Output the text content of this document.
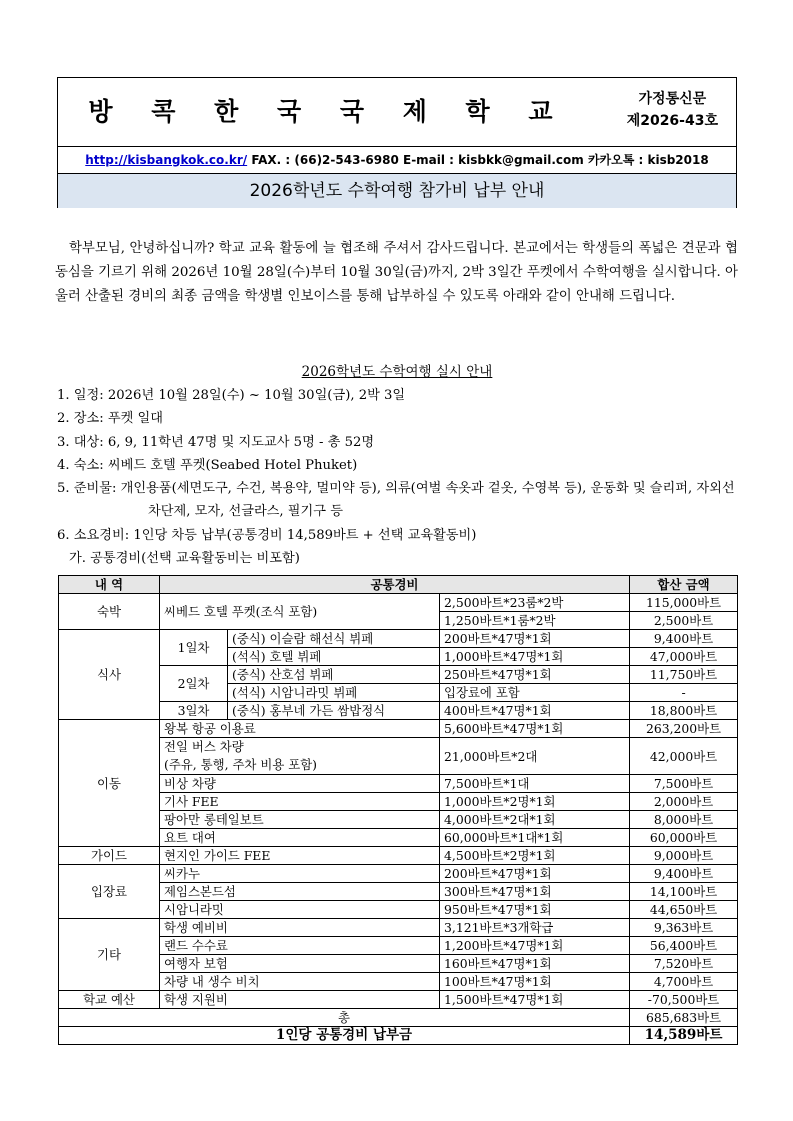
방 콕 한 국 국 제 학 교	가정통신문
제2026-43호
http://kisbangkok.co.kr/ FAX. : (66)2-543-6980 E-mail : kisbkk@gmail.com 카카오톡 : kisb2018
2026학년도 수학여행 참가비 납부 안내

학부모님, 안녕하십니까? 학교 교육 활동에 늘 협조해 주셔서 감사드립니다. 본교에서는 학생들의 폭넓은 견문과 협동심을 기르기 위해 2026년 10월 28일(수)부터 10월 30일(금)까지, 2박 3일간 푸켓에서 수학여행을 실시합니다. 아울러 산출된 경비의 최종 금액을 학생별 인보이스를 통해 납부하실 수 있도록 아래와 같이 안내해 드립니다.

2026학년도 수학여행 실시 안내
1. 일정: 2026년 10월 28일(수) ~ 10월 30일(금), 2박 3일
2. 장소: 푸켓 일대
3. 대상: 6, 9, 11학년 47명 및 지도교사 5명 - 총 52명
4. 숙소: 씨베드 호텔 푸켓(Seabed Hotel Phuket)
5. 준비물: 개인용품(세면도구, 수건, 복용약, 멀미약 등), 의류(여벌 속옷과 겉옷, 수영복 등), 운동화 및 슬리퍼, 자외선 차단제, 모자, 선글라스, 필기구 등
6. 소요경비: 1인당 차등 납부(공통경비 14,589바트 + 선택 교육활동비)
가. 공통경비(선택 교육활동비는 비포함)
내 역	공통경비			합산 금액
숙박	씨베드 호텔 푸켓(조식 포함)		2,500바트*23룸*2박	115,000바트
			1,250바트*1룸*2박	2,500바트
식사	1일차	(중식) 이슬람 해선식 뷔페	200바트*47명*1회	9,400바트
		(석식) 호텔 뷔페	1,000바트*47명*1회	47,000바트
	2일차	(중식) 산호섬 뷔페	250바트*47명*1회	11,750바트
		(석식) 시암니라밋 뷔페	입장료에 포함	-
	3일차	(중식) 홍부네 가든 쌈밥정식	400바트*47명*1회	18,800바트
이동	왕복 항공 이용료		5,600바트*47명*1회	263,200바트

	전일 버스 차량
(주유, 통행, 주차 비용 포함)		21,000바트*2대	42,000바트

	비상 차량		7,500바트*1대	7,500바트
	기사 FEE		1,000바트*2명*1회	2,000바트
	팡아만 롱테일보트		4,000바트*2대*1회	8,000바트
	요트 대여		60,000바트*1대*1회	60,000바트
가이드	현지인 가이드 FEE		4,500바트*2명*1회	9,000바트
입장료	씨카누		200바트*47명*1회	9,400바트
	제임스본드섬		300바트*47명*1회	14,100바트
	시암니라밋		950바트*47명*1회	44,650바트
기타	학생 예비비		3,121바트*3개학급	9,363바트
	랜드 수수료		1,200바트*47명*1회	56,400바트
	여행자 보험		160바트*47명*1회	7,520바트
	차량 내 생수 비치		100바트*47명*1회	4,700바트
학교 예산	학생 지원비		1,500바트*47명*1회	-70,500바트
총				685,683바트
1인당 공통경비 납부금				14,589바트
